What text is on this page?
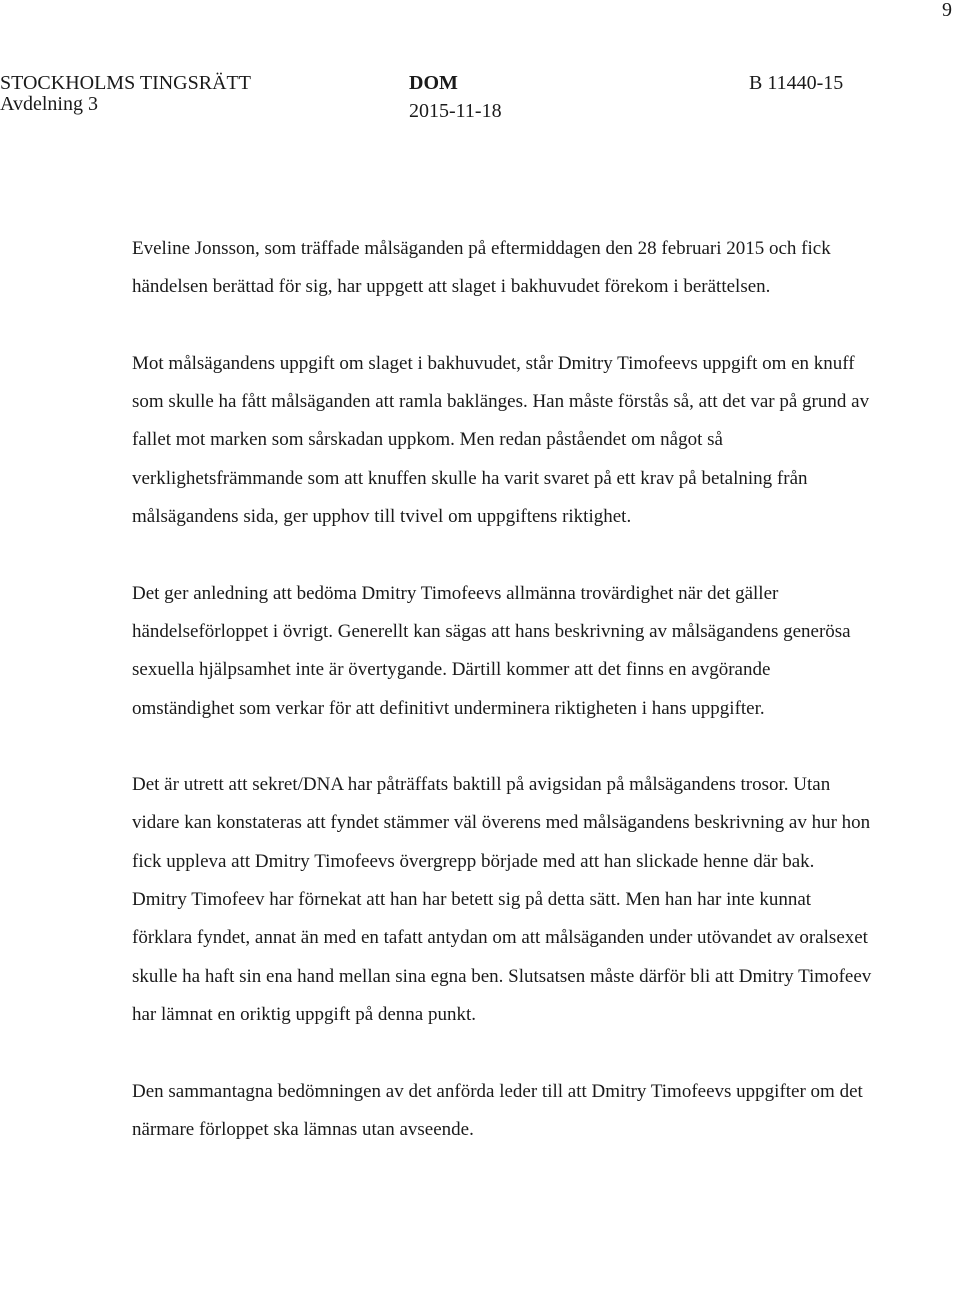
9
STOCKHOLMS TINGSRÄTT
Avdelning 3
DOM
2015-11-18
B 11440-15

Eveline Jonsson, som träffade målsäganden på eftermiddagen den 28 februari 2015 och fick händelsen berättad för sig, har uppgett att slaget i bakhuvudet förekom i berättelsen.

Mot målsägandens uppgift om slaget i bakhuvudet, står Dmitry Timofeevs uppgift om en knuff som skulle ha fått målsäganden att ramla baklänges. Han måste förstås så, att det var på grund av fallet mot marken som sårskadan uppkom. Men redan påståendet om något så verklighetsfrämmande som att knuffen skulle ha varit svaret på ett krav på betalning från målsägandens sida, ger upphov till tvivel om uppgiftens riktighet.

Det ger anledning att bedöma Dmitry Timofeevs allmänna trovärdighet när det gäller händelseförloppet i övrigt. Generellt kan sägas att hans beskrivning av målsägandens generösa sexuella hjälpsamhet inte är övertygande. Därtill kommer att det finns en avgörande omständighet som verkar för att definitivt underminera riktigheten i hans uppgifter.

Det är utrett att sekret/DNA har påträffats baktill på avigsidan på målsägandens trosor. Utan vidare kan konstateras att fyndet stämmer väl överens med målsägandens beskrivning av hur hon fick uppleva att Dmitry Timofeevs övergrepp började med att han slickade henne där bak. Dmitry Timofeev har förnekat att han har betett sig på detta sätt. Men han har inte kunnat förklara fyndet, annat än med en tafatt antydan om att målsäganden under utövandet av oralsexet skulle ha haft sin ena hand mellan sina egna ben. Slutsatsen måste därför bli att Dmitry Timofeev har lämnat en oriktig uppgift på denna punkt.

Den sammantagna bedömningen av det anförda leder till att Dmitry Timofeevs uppgifter om det närmare förloppet ska lämnas utan avseende.
